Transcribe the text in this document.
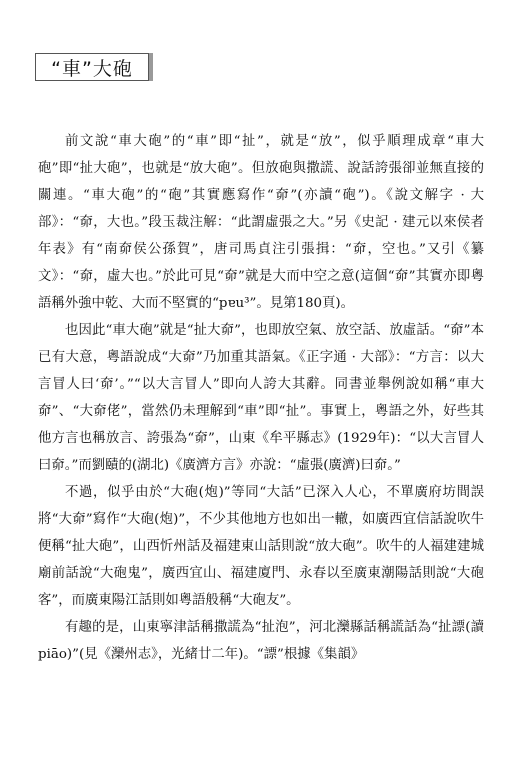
“車”大砲

前文說“車大砲”的“車”即“扯”，就是“放”，似乎順理成章“車大砲”即“扯大砲”，也就是“放大砲”。但放砲與撒謊、說話誇張卻並無直接的關連。“車大砲”的“砲”其實應寫作“奅”(亦讀“砲”)。《說文解字 · 大部》：“奅，大也。”段玉裁注解：“此謂虛張之大。”另《史記 · 建元以來侯者年表》有“南奅侯公孫賀”，唐司馬貞注引張揖：“奅，空也。”又引《纂文》：“奅，虛大也。”於此可見“奅”就是大而中空之意(這個“奅”其實亦即粵語稱外強中乾、大而不堅實的“pɐu³”。見第180頁)。

也因此“車大砲”就是“扯大奅”，也即放空氣、放空話、放虛話。“奅”本已有大意，粵語說成“大奅”乃加重其語氣。《正字通 · 大部》：“方言：以大言冒人曰‘奅’。”“以大言冒人”即向人誇大其辭。同書並舉例說如稱“車大奅”、“大奅佬”，當然仍未理解到“車”即“扯”。事實上，粵語之外，好些其他方言也稱放言、誇張為“奅”，山東《牟平縣志》(1929年)：“以大言冒人曰奅。”而劉賾的(湖北)《廣濟方言》亦說：“虛張(廣濟)曰奅。”

不過，似乎由於“大砲(炮)”等同“大話”已深入人心，不單廣府坊間誤將“大奅”寫作“大砲(炮)”，不少其他地方也如出一轍，如廣西宜信話說吹牛便稱“扯大砲”，山西忻州話及福建東山話則說“放大砲”。吹牛的人福建建城廟前話說“大砲鬼”，廣西宜山、福建廈門、永春以至廣東潮陽話則說“大砲客”，而廣東陽江話則如粵語般稱“大砲友”。

有趣的是，山東寧津話稱撒謊為“扯泡”，河北灤縣話稱謊話為“扯謤(讀 piāo)”(見《灤州志》，光緒廿二年)。“謤”根據《集韻》
